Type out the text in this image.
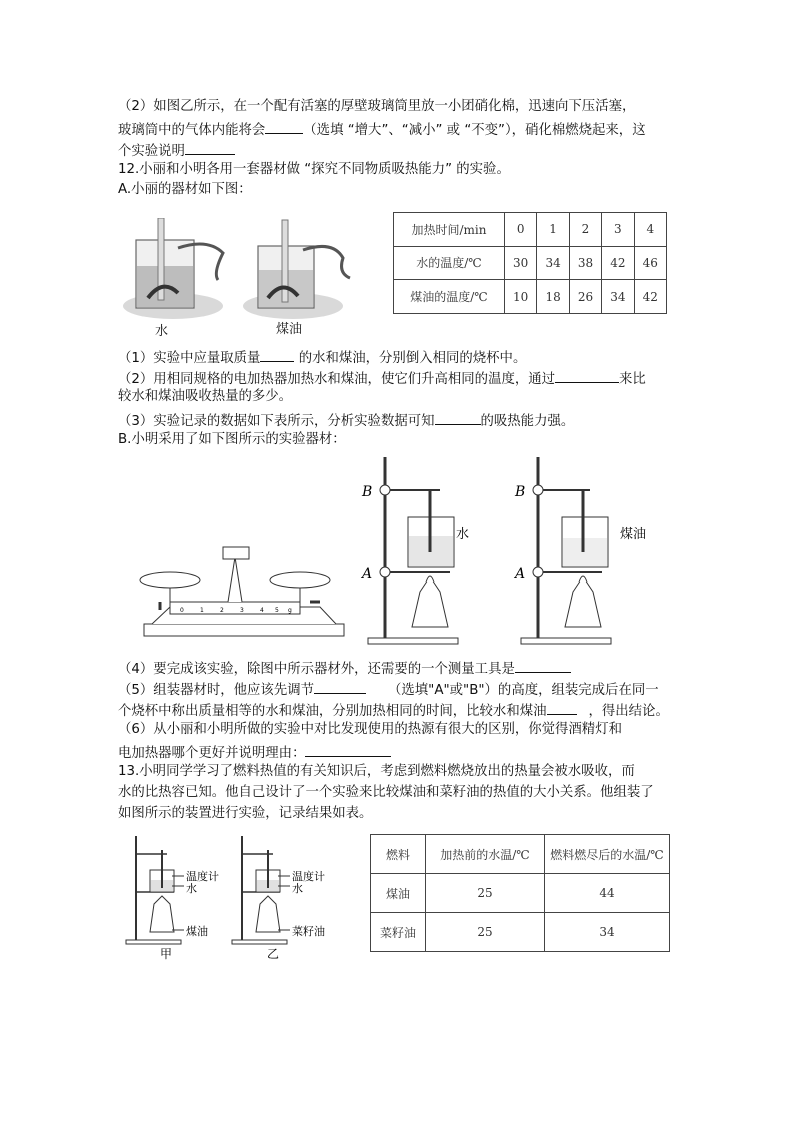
（2）如图乙所示，在一个配有活塞的厚壁玻璃筒里放一小团硝化棉，迅速向下压活塞，
玻璃筒中的气体内能将会	（选填 “增大”、“减小” 或 “不变”），硝化棉燃烧起来，这
个实验说明
12.小丽和小明各用一套器材做 “探究不同物质吸热能力” 的实验。
A.小丽的器材如下图：
水	煤油
加热时间/min	0	1	2	3	4
水的温度/℃	30	34	38	42	46
煤油的温度/℃	10	18	26	34	42
（1）实验中应量取质量	的水和煤油，分别倒入相同的烧杯中。
（2）用相同规格的电加热器加热水和煤油，使它们升高相同的温度，通过	来比
较水和煤油吸收热量的多少。
（3）实验记录的数据如下表所示，分析实验数据可知	的吸热能力强。
B.小明采用了如下图所示的实验器材：
0	1	2	3	4 5 g
B
A
水
B
A
煤油
（4）要完成该实验，除图中所示器材外，还需要的一个测量工具是
（5）组装器材时，他应该先调节	（选填"A"或"B"）的高度，组装完成后在同一
个烧杯中称出质量相等的水和煤油，分别加热相同的时间，比较水和煤油	，得出结论。
（6）从小丽和小明所做的实验中对比发现使用的热源有很大的区别，你觉得酒精灯和
电加热器哪个更好并说明理由：
13.小明同学学习了燃料热值的有关知识后，考虑到燃料燃烧放出的热量会被水吸收，而
水的比热容已知。他自己设计了一个实验来比较煤油和菜籽油的热值的大小关系。他组装了
如图所示的装置进行实验，记录结果如表。
温度计
水
煤油
甲
温度计
水
菜籽油
乙
燃料	加热前的水温/℃	燃料燃尽后的水温/℃
煤油	25	44
菜籽油	25	34
